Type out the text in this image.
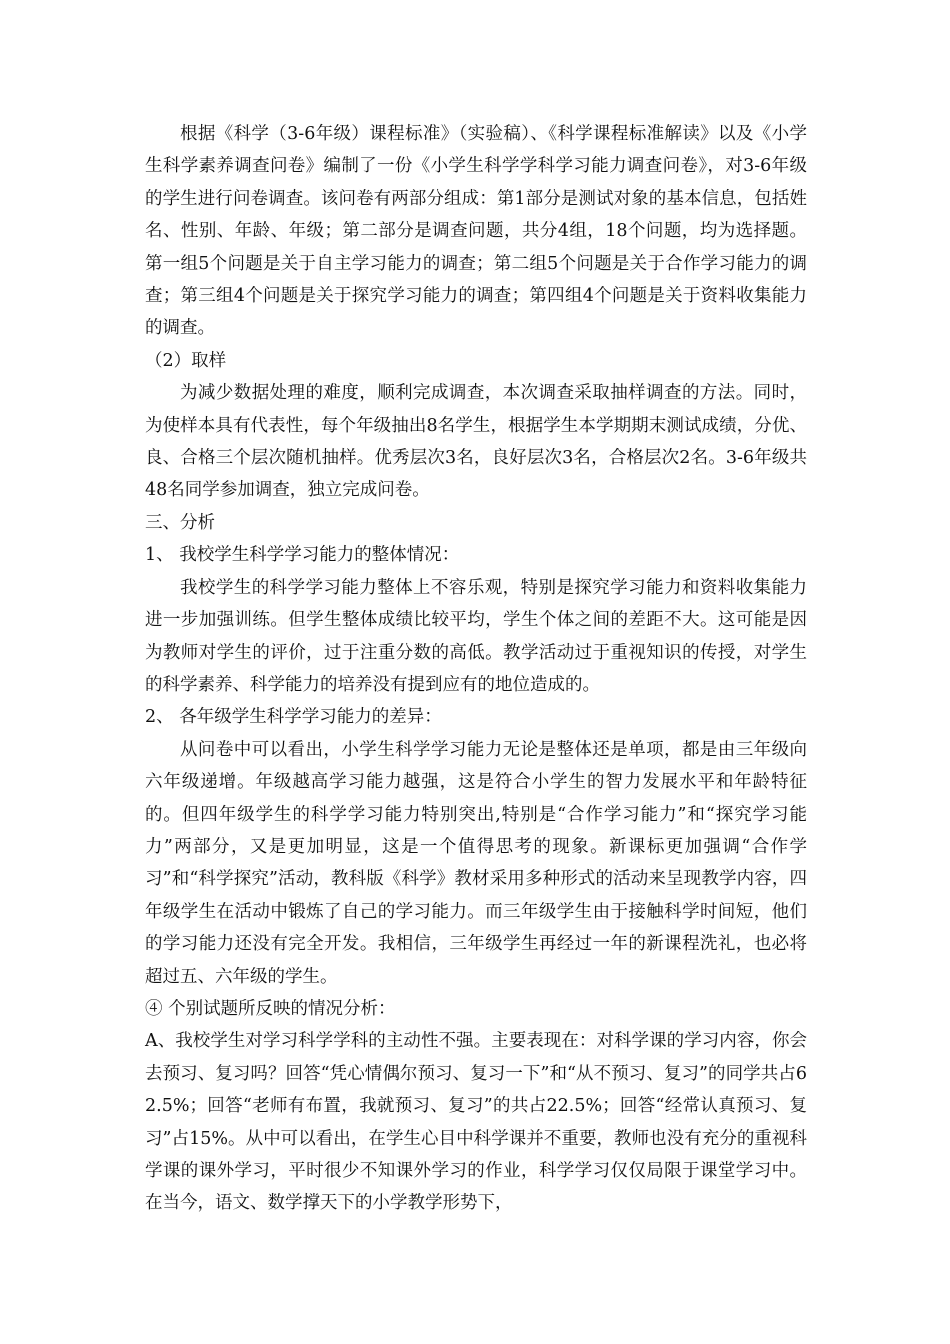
根据《科学（3-6年级）课程标准》（实验稿）、《科学课程标准解读》以及《小学生科学素养调查问卷》编制了一份《小学生科学学科学习能力调查问卷》，对3-6年级的学生进行问卷调查。该问卷有两部分组成：第1部分是测试对象的基本信息，包括姓名、性别、年龄、年级；第二部分是调查问题，共分4组，18个问题，均为选择题。第一组5个问题是关于自主学习能力的调查；第二组5个问题是关于合作学习能力的调查；第三组4个问题是关于探究学习能力的调查；第四组4个问题是关于资料收集能力的调查。

（2）取样

为减少数据处理的难度，顺利完成调查，本次调查采取抽样调查的方法。同时，为使样本具有代表性，每个年级抽出8名学生，根据学生本学期期末测试成绩，分优、良、合格三个层次随机抽样。优秀层次3名，良好层次3名，合格层次2名。3-6年级共48名同学参加调查，独立完成问卷。

三、分析

1、 我校学生科学学习能力的整体情况：

我校学生的科学学习能力整体上不容乐观，特别是探究学习能力和资料收集能力进一步加强训练。但学生整体成绩比较平均，学生个体之间的差距不大。这可能是因为教师对学生的评价，过于注重分数的高低。教学活动过于重视知识的传授，对学生的科学素养、科学能力的培养没有提到应有的地位造成的。

2、 各年级学生科学学习能力的差异：

从问卷中可以看出，小学生科学学习能力无论是整体还是单项，都是由三年级向六年级递增。年级越高学习能力越强，这是符合小学生的智力发展水平和年龄特征的。但四年级学生的科学学习能力特别突出,特别是“合作学习能力”和“探究学习能力”两部分，又是更加明显，这是一个值得思考的现象。新课标更加强调“合作学习”和“科学探究”活动，教科版《科学》教材采用多种形式的活动来呈现教学内容，四年级学生在活动中锻炼了自己的学习能力。而三年级学生由于接触科学时间短，他们的学习能力还没有完全开发。我相信，三年级学生再经过一年的新课程洗礼，也必将超过五、六年级的学生。

④ 个别试题所反映的情况分析：

A、我校学生对学习科学学科的主动性不强。主要表现在：对科学课的学习内容，你会去预习、复习吗？回答“凭心情偶尔预习、复习一下”和“从不预习、复习”的同学共占62.5%；回答“老师有布置，我就预习、复习”的共占22.5%；回答“经常认真预习、复习”占15%。从中可以看出，在学生心目中科学课并不重要，教师也没有充分的重视科学课的课外学习，平时很少不知课外学习的作业，科学学习仅仅局限于课堂学习中。在当今，语文、数学撑天下的小学教学形势下，
